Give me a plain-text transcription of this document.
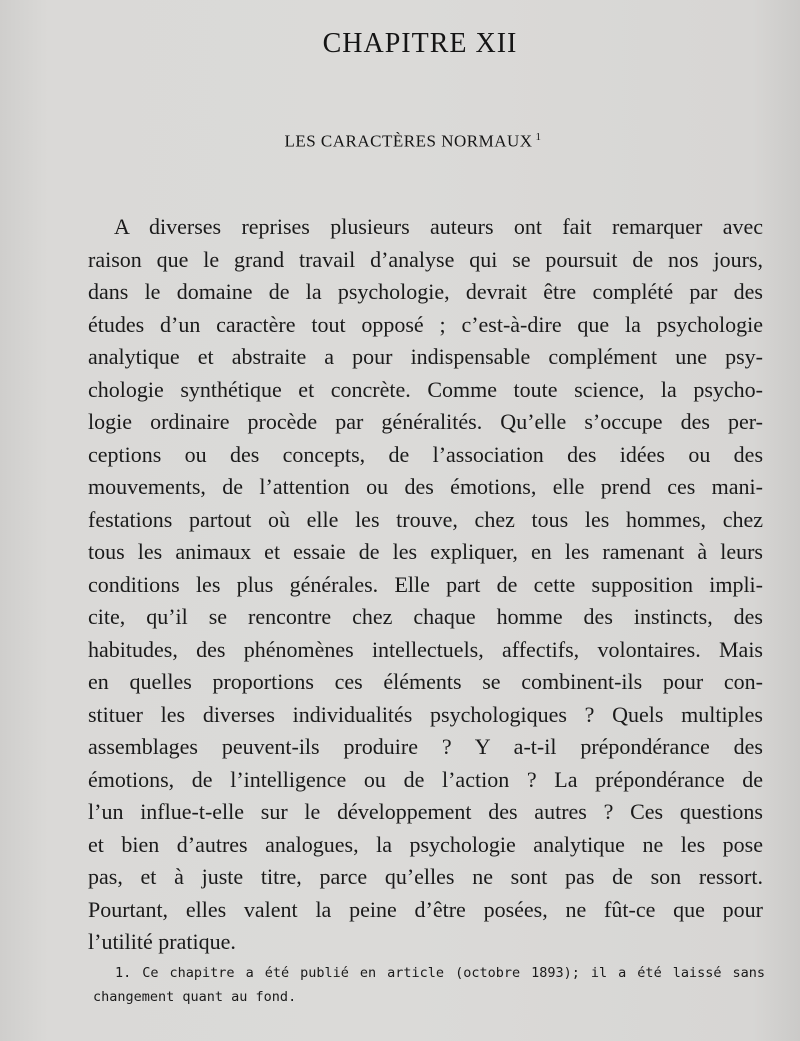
CHAPITRE XII
LES CARACTÈRES NORMAUX $^1$
A diverses reprises plusieurs auteurs ont fait remarquer avec
raison que le grand travail d’analyse qui se poursuit de nos jours,
dans le domaine de la psychologie, devrait être complété par des
études d’un caractère tout opposé ; c’est-à-dire que la psychologie
analytique et abstraite a pour indispensable complément une psy-
chologie synthétique et concrète. Comme toute science, la psycho-
logie ordinaire procède par généralités. Qu’elle s’occupe des per-
ceptions ou des concepts, de l’association des idées ou des
mouvements, de l’attention ou des émotions, elle prend ces mani-
festations partout où elle les trouve, chez tous les hommes, chez
tous les animaux et essaie de les expliquer, en les ramenant à leurs
conditions les plus générales. Elle part de cette supposition impli-
cite, qu’il se rencontre chez chaque homme des instincts, des
habitudes, des phénomènes intellectuels, affectifs, volontaires. Mais
en quelles proportions ces éléments se combinent-ils pour con-
stituer les diverses individualités psychologiques ? Quels multiples
assemblages peuvent-ils produire ? Y a-t-il prépondérance des
émotions, de l’intelligence ou de l’action ? La prépondérance de
l’un influe-t-elle sur le développement des autres ? Ces questions
et bien d’autres analogues, la psychologie analytique ne les pose
pas, et à juste titre, parce qu’elles ne sont pas de son ressort.
Pourtant, elles valent la peine d’être posées, ne fût-ce que pour
l’utilité pratique.
1. Ce chapitre a été publié en article (octobre 1893); il a été laissé sans
changement quant au fond.
